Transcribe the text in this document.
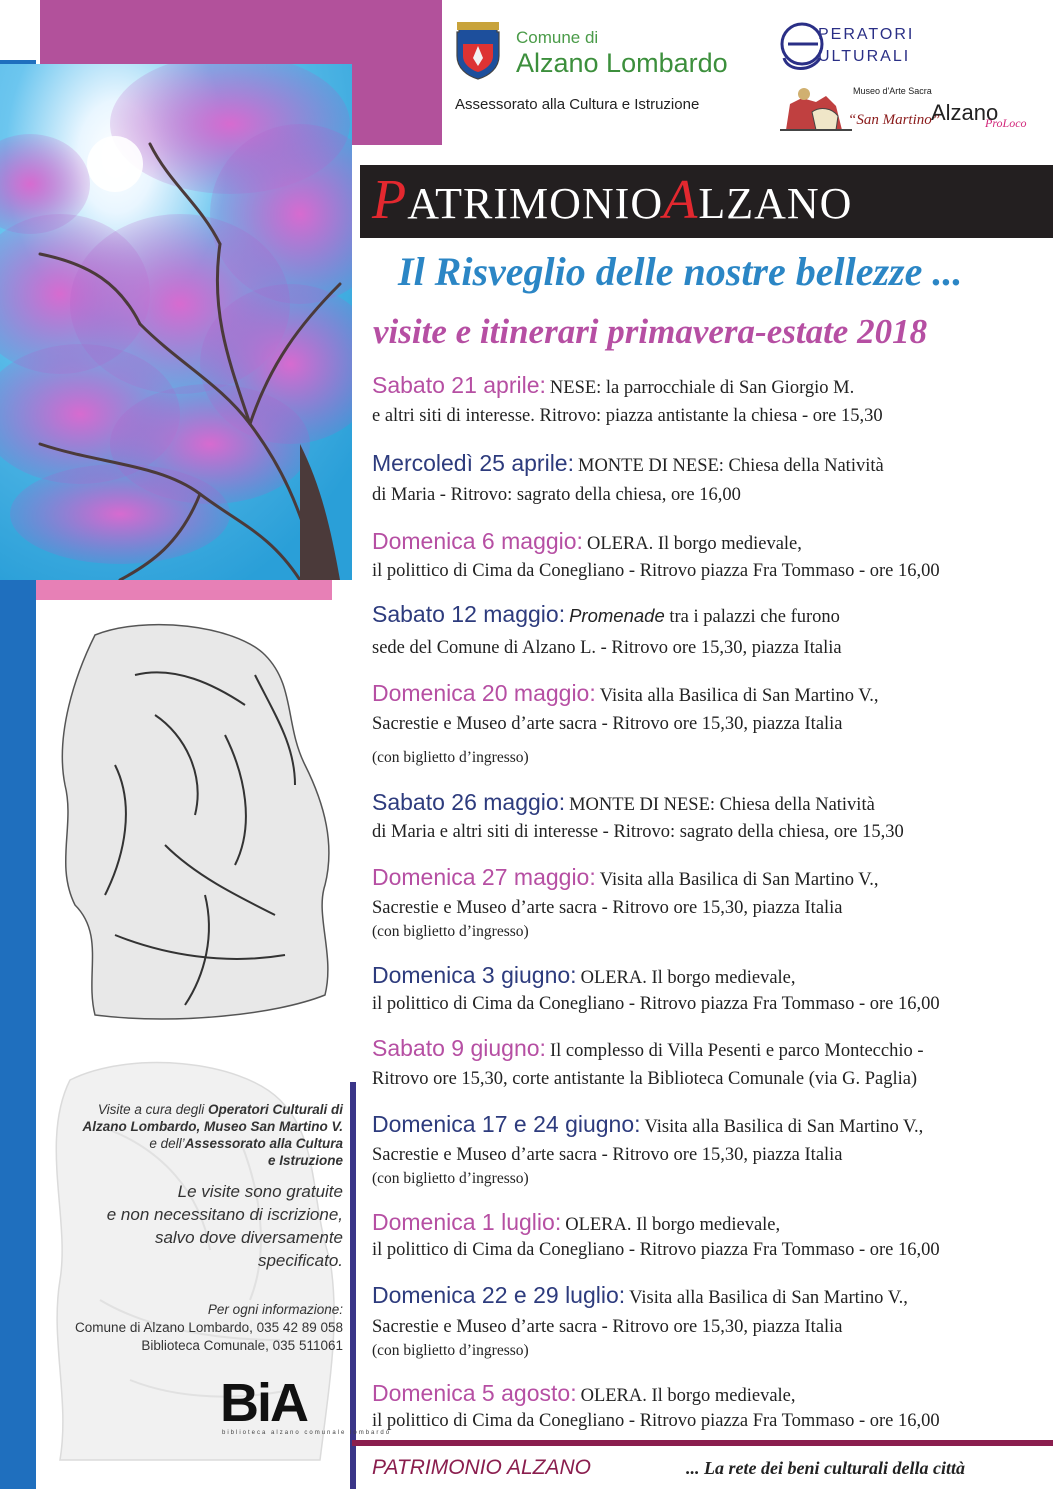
Comune di
Alzano Lombardo
Assessorato alla Cultura e Istruzione
PERATORI
ULTURALI
Museo d'Arte Sacra
“San Martino”
Alzano
ProLoco
PATRIMONIOALZANO
Il Risveglio delle nostre bellezze ...
visite e itinerari primavera-estate 2018
Sabato 21 aprile: NESE: la parrocchiale di San Giorgio M.
e altri siti di interesse. Ritrovo: piazza antistante la chiesa - ore 15,30
Mercoledì 25 aprile: MONTE DI NESE: Chiesa della Natività
di Maria - Ritrovo: sagrato della chiesa, ore 16,00
Domenica 6 maggio: OLERA. Il borgo medievale,
il polittico di Cima da Conegliano - Ritrovo piazza Fra Tommaso - ore 16,00
Sabato 12 maggio: Promenade tra i palazzi che furono
sede del Comune di Alzano L. - Ritrovo ore 15,30, piazza Italia
Domenica 20 maggio: Visita alla Basilica di San Martino V.,
Sacrestie e Museo d’arte sacra - Ritrovo ore 15,30, piazza Italia
(con biglietto d’ingresso)
Sabato 26 maggio: MONTE DI NESE: Chiesa della Natività
di Maria e altri siti di interesse - Ritrovo: sagrato della chiesa, ore 15,30
Domenica 27 maggio: Visita alla Basilica di San Martino V.,
Sacrestie e Museo d’arte sacra - Ritrovo ore 15,30, piazza Italia
(con biglietto d’ingresso)
Domenica 3 giugno: OLERA. Il borgo medievale,
il polittico di Cima da Conegliano - Ritrovo piazza Fra Tommaso - ore 16,00
Sabato 9 giugno: Il complesso di Villa Pesenti e parco Montecchio -
Ritrovo ore 15,30, corte antistante la Biblioteca Comunale (via G. Paglia)
Domenica 17 e 24 giugno: Visita alla Basilica di San Martino V.,
Sacrestie e Museo d’arte sacra - Ritrovo ore 15,30, piazza Italia
(con biglietto d’ingresso)
Domenica 1 luglio: OLERA. Il borgo medievale,
il polittico di Cima da Conegliano - Ritrovo piazza Fra Tommaso - ore 16,00
Domenica 22 e 29 luglio: Visita alla Basilica di San Martino V.,
Sacrestie e Museo d’arte sacra - Ritrovo ore 15,30, piazza Italia
(con biglietto d’ingresso)
Domenica 5 agosto: OLERA. Il borgo medievale,
il polittico di Cima da Conegliano - Ritrovo piazza Fra Tommaso - ore 16,00
Visite a cura degli Operatori Culturali di
Alzano Lombardo, Museo San Martino V.
e dell’Assessorato alla Cultura
e Istruzione
Le visite sono gratuite
e non necessitano di iscrizione,
salvo dove diversamente
specificato.
Per ogni informazione:
Comune di Alzano Lombardo, 035 42 89 058
Biblioteca Comunale, 035 511061
BiA
biblioteca alzano comunale lombardo
PATRIMONIO ALZANO	... La rete dei beni culturali della città
